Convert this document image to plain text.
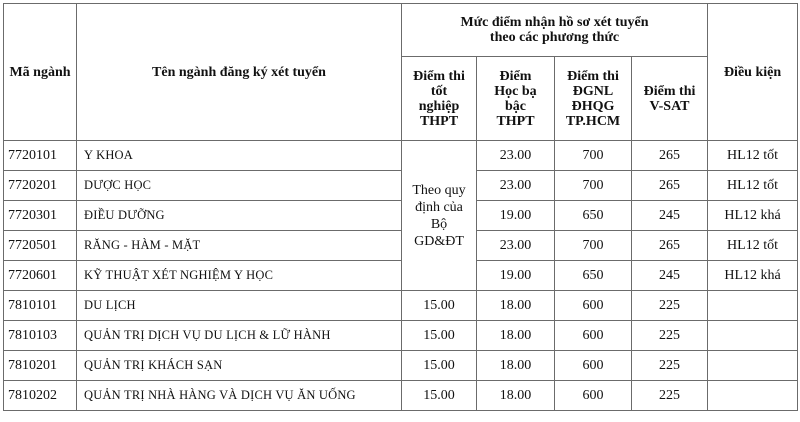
Mã ngành	Tên ngành đăng ký xét tuyển	Mức điểm nhận hồ sơ xét tuyển theo các phương thức				Điều kiện
		Điểm thi tốt nghiệp THPT	Điểm Học bạ bậc THPT	Điểm thi ĐGNL ĐHQG TP.HCM	Điểm thi V-SAT	
7720101	Y KHOA	Theo quy định của Bộ GD&ĐT	23.00	700	265	HL12 tốt
7720201	DƯỢC HỌC		23.00	700	265	HL12 tốt
7720301	ĐIỀU DƯỠNG		19.00	650	245	HL12 khá
7720501	RĂNG - HÀM - MẶT		23.00	700	265	HL12 tốt
7720601	KỸ THUẬT XÉT NGHIỆM Y HỌC		19.00	650	245	HL12 khá
7810101	DU LỊCH	15.00	18.00	600	225	
7810103	QUẢN TRỊ DỊCH VỤ DU LỊCH & LỮ HÀNH	15.00	18.00	600	225	
7810201	QUẢN TRỊ KHÁCH SẠN	15.00	18.00	600	225	
7810202	QUẢN TRỊ NHÀ HÀNG VÀ DỊCH VỤ ĂN UỐNG	15.00	18.00	600	225	
